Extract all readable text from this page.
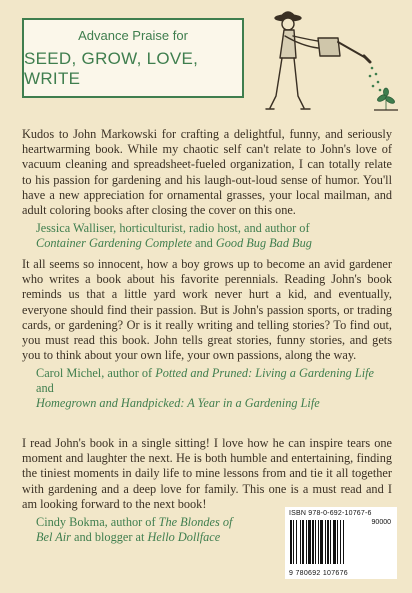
Advance Praise for
SEED, GROW, LOVE, WRITE

Kudos to John Markowski for crafting a delightful, funny, and seriously heartwarming book. While my chaotic self can't relate to John's love of vacuum cleaning and spreadsheet-fueled organization, I can totally relate to his passion for gardening and his laugh-out-loud sense of humor. You'll have a new appreciation for ornamental grasses, your local mailman, and adult coloring books after closing the cover on this one.

Jessica Walliser, horticulturist, radio host, and author of
Container Gardening Complete and Good Bug Bad Bug

It all seems so innocent, how a boy grows up to become an avid gardener who writes a book about his favorite perennials. Reading John's book reminds us that a little yard work never hurt a kid, and eventually, everyone should find their passion. But is John's passion sports, or trading cards, or gardening? Or is it really writing and telling stories? To find out, you must read this book. John tells great stories, funny stories, and gets you to think about your own life, your own passions, along the way.

Carol Michel, author of Potted and Pruned: Living a Gardening Life and
Homegrown and Handpicked: A Year in a Gardening Life

I read John's book in a single sitting! I love how he can inspire tears one moment and laughter the next. He is both humble and entertaining, finding the tiniest moments in daily life to mine lessons from and tie it all together with gardening and a deep love for family. This one is a must read and I am looking forward to the next book!

Cindy Bokma, author of The Blondes of Bel Air and blogger at Hello Dollface
ISBN 978-0-692-10767-6
90000
9 780692 107676
